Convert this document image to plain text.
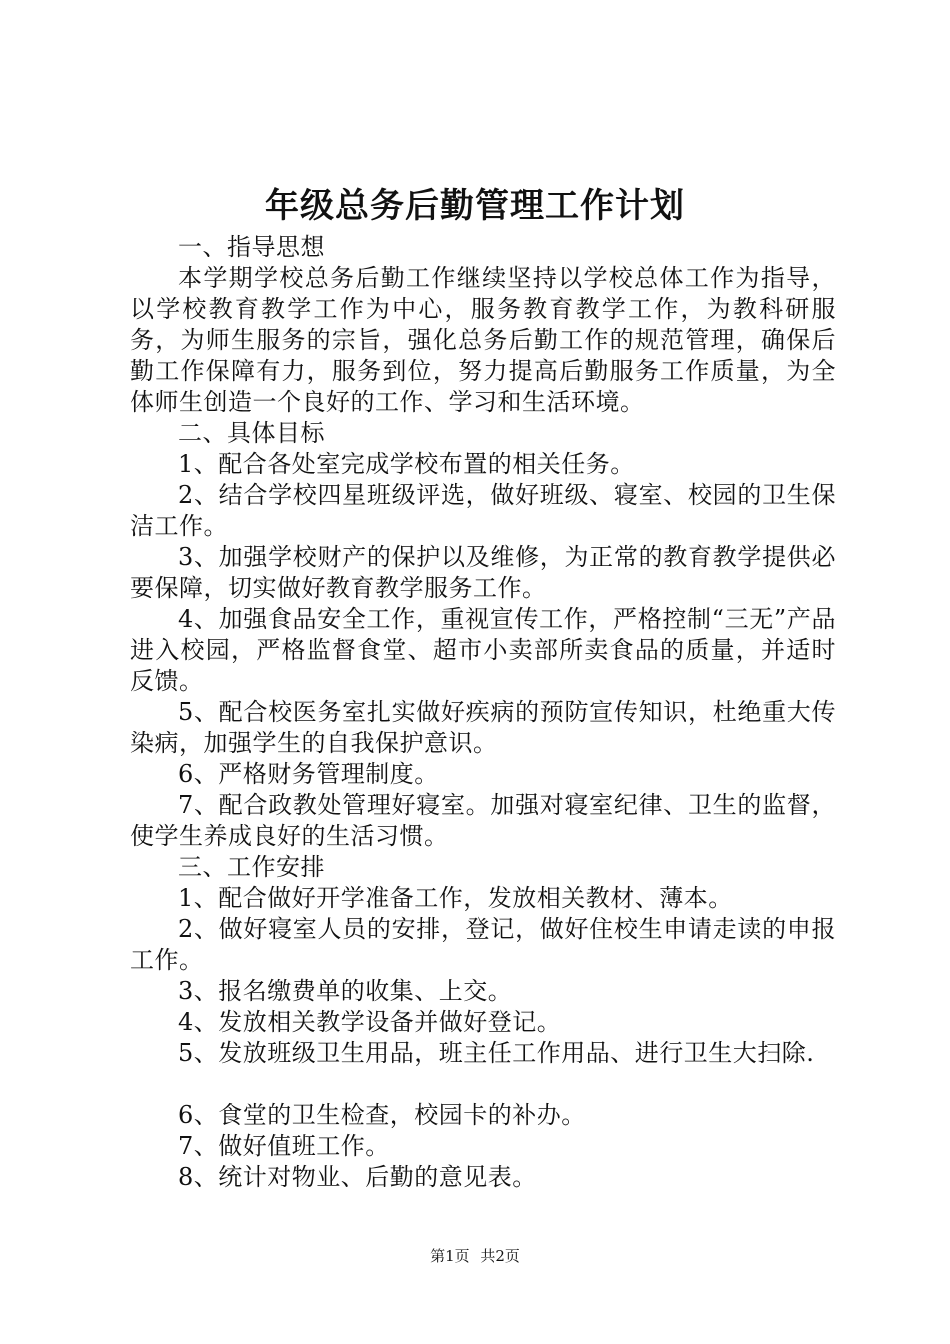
年级总务后勤管理工作计划

一、指导思想

本学期学校总务后勤工作继续坚持以学校总体工作为指导，以学校教育教学工作为中心，服务教育教学工作，为教科研服务，为师生服务的宗旨，强化总务后勤工作的规范管理，确保后勤工作保障有力，服务到位，努力提高后勤服务工作质量，为全体师生创造一个良好的工作、学习和生活环境。

二、具体目标

1、配合各处室完成学校布置的相关任务。

2、结合学校四星班级评选，做好班级、寝室、校园的卫生保洁工作。

3、加强学校财产的保护以及维修，为正常的教育教学提供必要保障，切实做好教育教学服务工作。

4、加强食品安全工作，重视宣传工作，严格控制“三无”产品进入校园，严格监督食堂、超市小卖部所卖食品的质量，并适时反馈。

5、配合校医务室扎实做好疾病的预防宣传知识，杜绝重大传染病，加强学生的自我保护意识。

6、严格财务管理制度。

7、配合政教处管理好寝室。加强对寝室纪律、卫生的监督，使学生养成良好的生活习惯。

三、工作安排

1、配合做好开学准备工作，发放相关教材、薄本。

2、做好寝室人员的安排，登记，做好住校生申请走读的申报工作。

3、报名缴费单的收集、上交。

4、发放相关教学设备并做好登记。

5、发放班级卫生用品，班主任工作用品、进行卫生大扫除.

6、食堂的卫生检查，校园卡的补办。

7、做好值班工作。

8、统计对物业、后勤的意见表。

第1页 共2页
